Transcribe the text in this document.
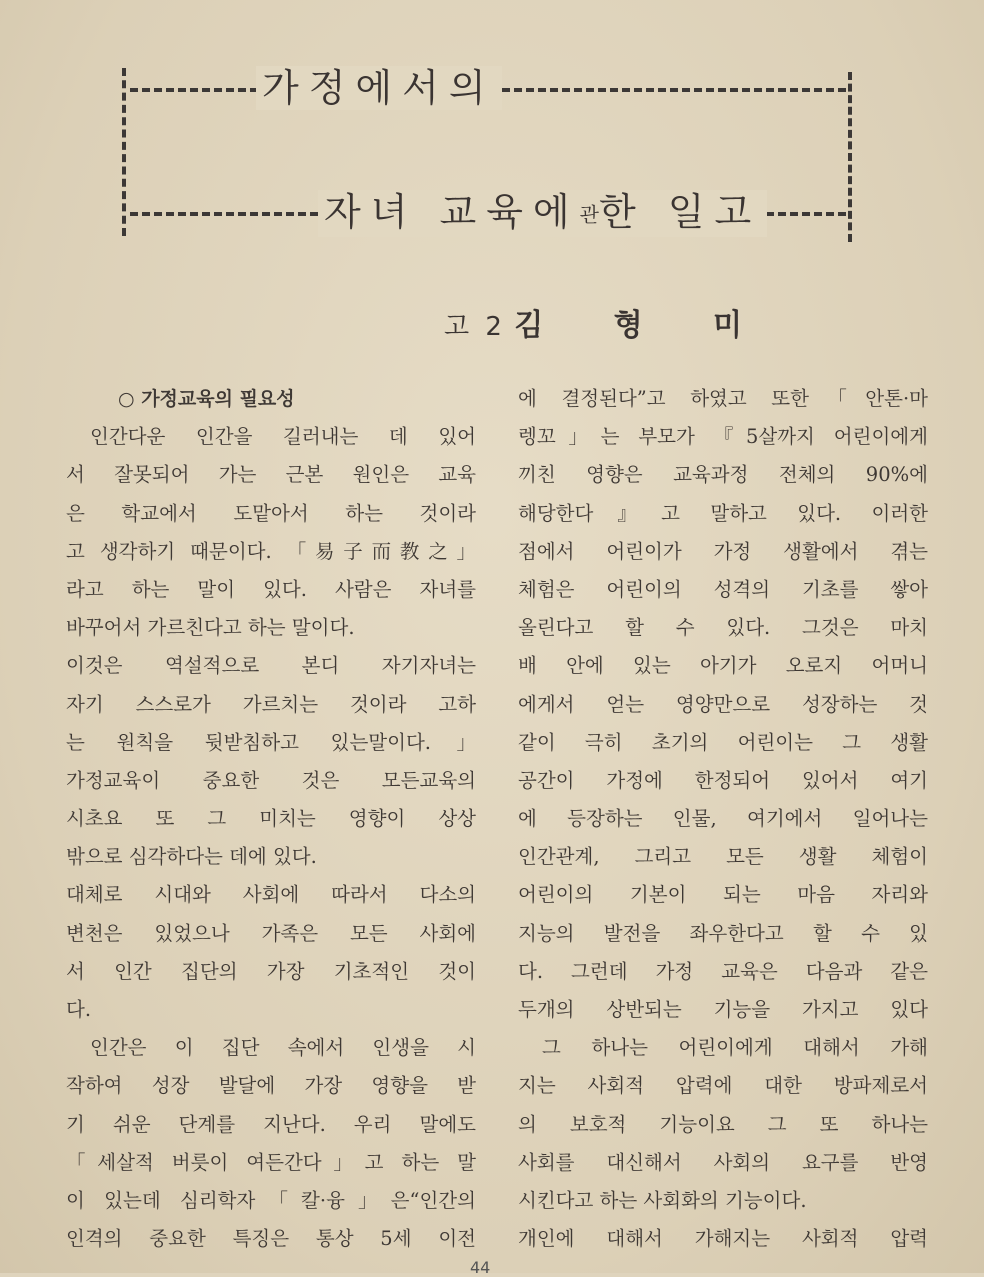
가정에서의
자녀 교육에관한 일고
고 2 김 　　형 　　미
○ 가정교육의 필요성
인간다운 인간을 길러내는 데 있어
서 잘못되어 가는 근본 원인은 교육
은 학교에서 도맡아서 하는 것이라
고 생각하기 때문이다. 「易子而教之」
라고 하는 말이 있다. 사람은 자녀를
바꾸어서 가르친다고 하는 말이다.
이것은 역설적으로 본디 자기자녀는
자기 스스로가 가르치는 것이라 고하
는 원칙을 뒷받침하고 있는말이다.」
가정교육이 중요한 것은 모든교육의
시초요 또 그 미치는 영향이 상상
밖으로 심각하다는 데에 있다.
대체로 시대와 사회에 따라서 다소의
변천은 있었으나 가족은 모든 사회에
서 인간 집단의 가장 기초적인 것이
다.
인간은 이 집단 속에서 인생을 시
작하여 성장 발달에 가장 영향을 받
기 쉬운 단계를 지난다. 우리 말에도
「세살적 버릇이 여든간다」고 하는 말
이 있는데 심리학자「칼·융」은“인간의
인격의 중요한 특징은 통상 5세 이전
에 결정된다”고 하였고 또한「안톤·마
렝꼬」는 부모가 『5살까지 어린이에게
끼친 영향은 교육과정 전체의 90%에
해당한다』고 말하고 있다. 이러한
점에서 어린이가 가정 생활에서 겪는
체험은 어린이의 성격의 기초를 쌓아
올린다고 할 수 있다. 그것은 마치
배 안에 있는 아기가 오로지 어머니
에게서 얻는 영양만으로 성장하는 것
같이 극히 초기의 어린이는 그 생활
공간이 가정에 한정되어 있어서 여기
에 등장하는 인물, 여기에서 일어나는
인간관계, 그리고 모든 생활 체험이
어린이의 기본이 되는 마음 자리와
지능의 발전을 좌우한다고 할 수 있
다. 그런데 가정 교육은 다음과 같은
두개의 상반되는 기능을 가지고 있다
그 하나는 어린이에게 대해서 가해
지는 사회적 압력에 대한 방파제로서
의 보호적 기능이요 그 또 하나는
사회를 대신해서 사회의 요구를 반영
시킨다고 하는 사회화의 기능이다.
개인에 대해서 가해지는 사회적 압력
44
